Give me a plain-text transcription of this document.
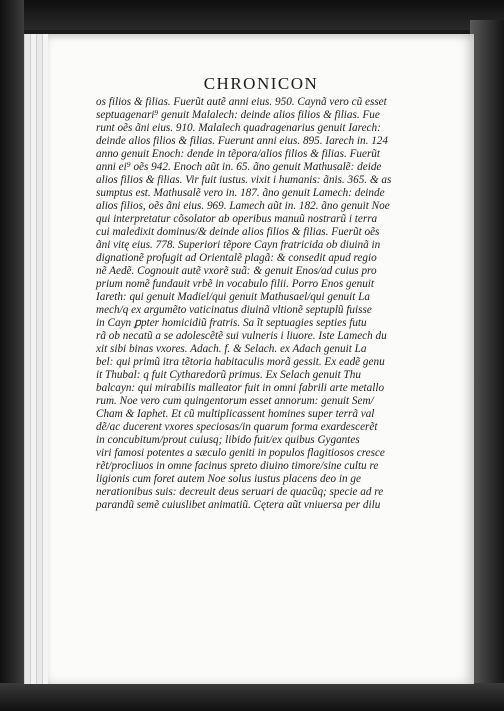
CHRONICON
os filios & filias. Fuerũt autẽ anni eius. 950. Caynã vero cũ esset
septuagenari⁹ genuit Malalech: deinde alios filios & filias. Fue
runt oẽs ãni eius. 910. Malalech quadragenarius genuit Iarech:
deinde alios filios & filias. Fuerunt anni eius. 895. Iarech in. 124
anno genuit Enoch: dende in tẽpora/alios filios & filias. Fuerũt
anni ei⁹ oẽs 942. Enoch aũt in. 65. ãno genuit Mathusalẽ: deide
alios filios & filias. Vir fuit iustus. vixit i humanis: ãnis. 365. & as
sumptus est. Mathusalẽ vero in. 187. ãno genuit Lamech: deinde
alios filios, oẽs ãni eius. 969. Lamech aũt in. 182. ãno genuit Noe
qui interpretatur cõsolator ab operibus manuũ nostrarũ i terra
cui maledixit dominus/& deinde alios filios & filias. Fuerũt oẽs
ãni vitę eius. 778. Superiori tẽpore Cayn fratricida ob diuinã in
dignationẽ profugit ad Orientalẽ plagã: & consedit apud regio
nẽ Aedẽ. Cognouit autẽ vxorẽ suã: & genuit Enos/ad cuius pro
prium nomẽ fundauit vrbẽ in vocabulo filii. Porro Enos genuit
Iareth: qui genuit Madiel/qui genuit Mathusael/qui genuit La
mech/q ex argumẽto vaticinatus diuinã vltionẽ septuplũ fuisse
in Cayn ꝑpter homicidiũ fratris. Sa ĩt septuagies septies futu
rã ob necatũ a se adolescẽtẽ sui vulneris i liuore. Iste Lamech du
xit sibi binas vxores. Adach. f. & Selach. ex Adach genuit La
bel: qui primũ itra tẽtoria habitaculis morã gessit. Ex eadẽ genu
it Thubal: q fuit Cytharedorũ primus. Ex Selach genuit Thu
balcayn: qui mirabilis malleator fuit in omni fabrili arte metallo
rum. Noe vero cum quingentorum esset annorum: genuit Sem/
Cham & Iaphet. Et cũ multiplicassent homines super terrã val
dẽ/ac ducerent vxores speciosas/in quarum forma exardescerẽt
in concubitum/prout cuiusq; libido fuit/ex quibus Gygantes
viri famosi potentes a sæculo geniti in populos flagitiosos cresce
rẽt/procliuos in omne facinus spreto diuino timore/sine cultu re
ligionis cum foret autem Noe solus iustus placens deo in ge
nerationibus suis: decreuit deus seruari de quacũq; specie ad re
parandũ semẽ cuiuslibet animatiũ. Cętera aũt vniuersa per dilu
